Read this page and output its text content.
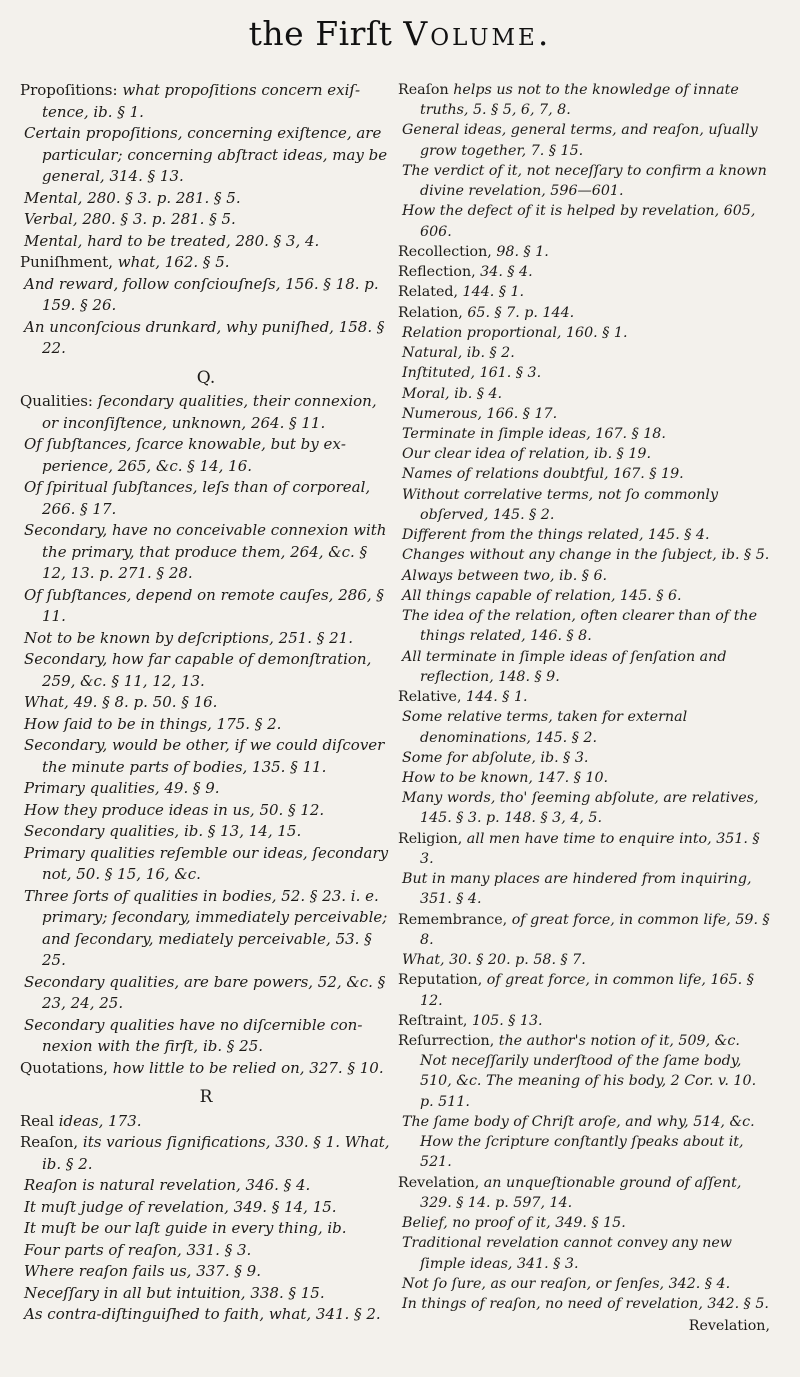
the Firſt Volume.

Propoſitions: what propoſitions concern exiſtence, ib. § 1.

Certain propoſitions, concerning exiſtence, are particular; concerning abſtract ideas, may be general, 314. § 13.

Mental, 280. § 3. p. 281. § 5.

Verbal, 280. § 3. p. 281. § 5.

Mental, hard to be treated, 280. § 3, 4.

Puniſhment, what, 162. § 5.

And reward, follow conſciouſneſs, 156. § 18. p. 159. § 26.

An unconſcious drunkard, why puniſhed, 158. § 22.

Q.

Qualities: ſecondary qualities, their connexion, or inconſiſtence, unknown, 264. § 11.

Of ſubſtances, ſcarce knowable, but by experience, 265, &c. § 14, 16.

Of ſpiritual ſubſtances, leſs than of corporeal, 266. § 17.

Secondary, have no conceivable connexion with the primary, that produce them, 264, &c. § 12, 13. p. 271. § 28.

Of ſubſtances, depend on remote cauſes, 286, § 11.

Not to be known by deſcriptions, 251. § 21.

Secondary, how far capable of demonſtration, 259, &c. § 11, 12, 13.

What, 49. § 8. p. 50. § 16.

How ſaid to be in things, 175. § 2.

Secondary, would be other, if we could diſcover the minute parts of bodies, 135. § 11.

Primary qualities, 49. § 9.

How they produce ideas in us, 50. § 12.

Secondary qualities, ib. § 13, 14, 15.

Primary qualities reſemble our ideas, ſecondary not, 50. § 15, 16, &c.

Three ſorts of qualities in bodies, 52. § 23. i. e. primary; ſecondary, immediately perceivable; and ſecondary, mediately perceivable, 53. § 25.

Secondary qualities, are bare powers, 52, &c. § 23, 24, 25.

Secondary qualities have no diſcernible connexion with the firſt, ib. § 25.

Quotations, how little to be relied on, 327. § 10.

R

Real ideas, 173.

Reaſon, its various ſignifications, 330. § 1. What, ib. § 2.

Reaſon is natural revelation, 346. § 4.

It muſt judge of revelation, 349. § 14, 15.

It muſt be our laſt guide in every thing, ib.

Four parts of reaſon, 331. § 3.

Where reaſon fails us, 337. § 9.

Neceſſary in all but intuition, 338. § 15.

As contra-diſtinguiſhed to faith, what, 341. § 2.

Reaſon helps us not to the knowledge of innate truths, 5. § 5, 6, 7, 8.

General ideas, general terms, and reaſon, uſually grow together, 7. § 15.

The verdict of it, not neceſſary to confirm a known divine revelation, 596—601.

How the defect of it is helped by revelation, 605, 606.

Recollection, 98. § 1.

Reflection, 34. § 4.

Related, 144. § 1.

Relation, 65. § 7. p. 144.

Relation proportional, 160. § 1.

Natural, ib. § 2.

Inſtituted, 161. § 3.

Moral, ib. § 4.

Numerous, 166. § 17.

Terminate in ſimple ideas, 167. § 18.

Our clear idea of relation, ib. § 19.

Names of relations doubtful, 167. § 19.

Without correlative terms, not ſo commonly obſerved, 145. § 2.

Different from the things related, 145. § 4.

Changes without any change in the ſubject, ib. § 5.

Always between two, ib. § 6.

All things capable of relation, 145. § 6.

The idea of the relation, often clearer than of the things related, 146. § 8.

All terminate in ſimple ideas of ſenſation and reflection, 148. § 9.

Relative, 144. § 1.

Some relative terms, taken for external denominations, 145. § 2.

Some for abſolute, ib. § 3.

How to be known, 147. § 10.

Many words, tho' ſeeming abſolute, are relatives, 145. § 3. p. 148. § 3, 4, 5.

Religion, all men have time to enquire into, 351. § 3.

But in many places are hindered from inquiring, 351. § 4.

Remembrance, of great force, in common life, 59. § 8.

What, 30. § 20. p. 58. § 7.

Reputation, of great force, in common life, 165. § 12.

Reſtraint, 105. § 13.

Reſurrection, the author's notion of it, 509, &c. Not neceſſarily underſtood of the ſame body, 510, &c. The meaning of his body, 2 Cor. v. 10. p. 511.

The ſame body of Chriſt aroſe, and why, 514, &c. How the ſcripture conſtantly ſpeaks about it, 521.

Revelation, an unqueſtionable ground of aſſent, 329. § 14. p. 597, 14.

Belief, no proof of it, 349. § 15.

Traditional revelation cannot convey any new ſimple ideas, 341. § 3.

Not ſo ſure, as our reaſon, or ſenſes, 342. § 4.

In things of reaſon, no need of revelation, 342. § 5.

Revelation,
